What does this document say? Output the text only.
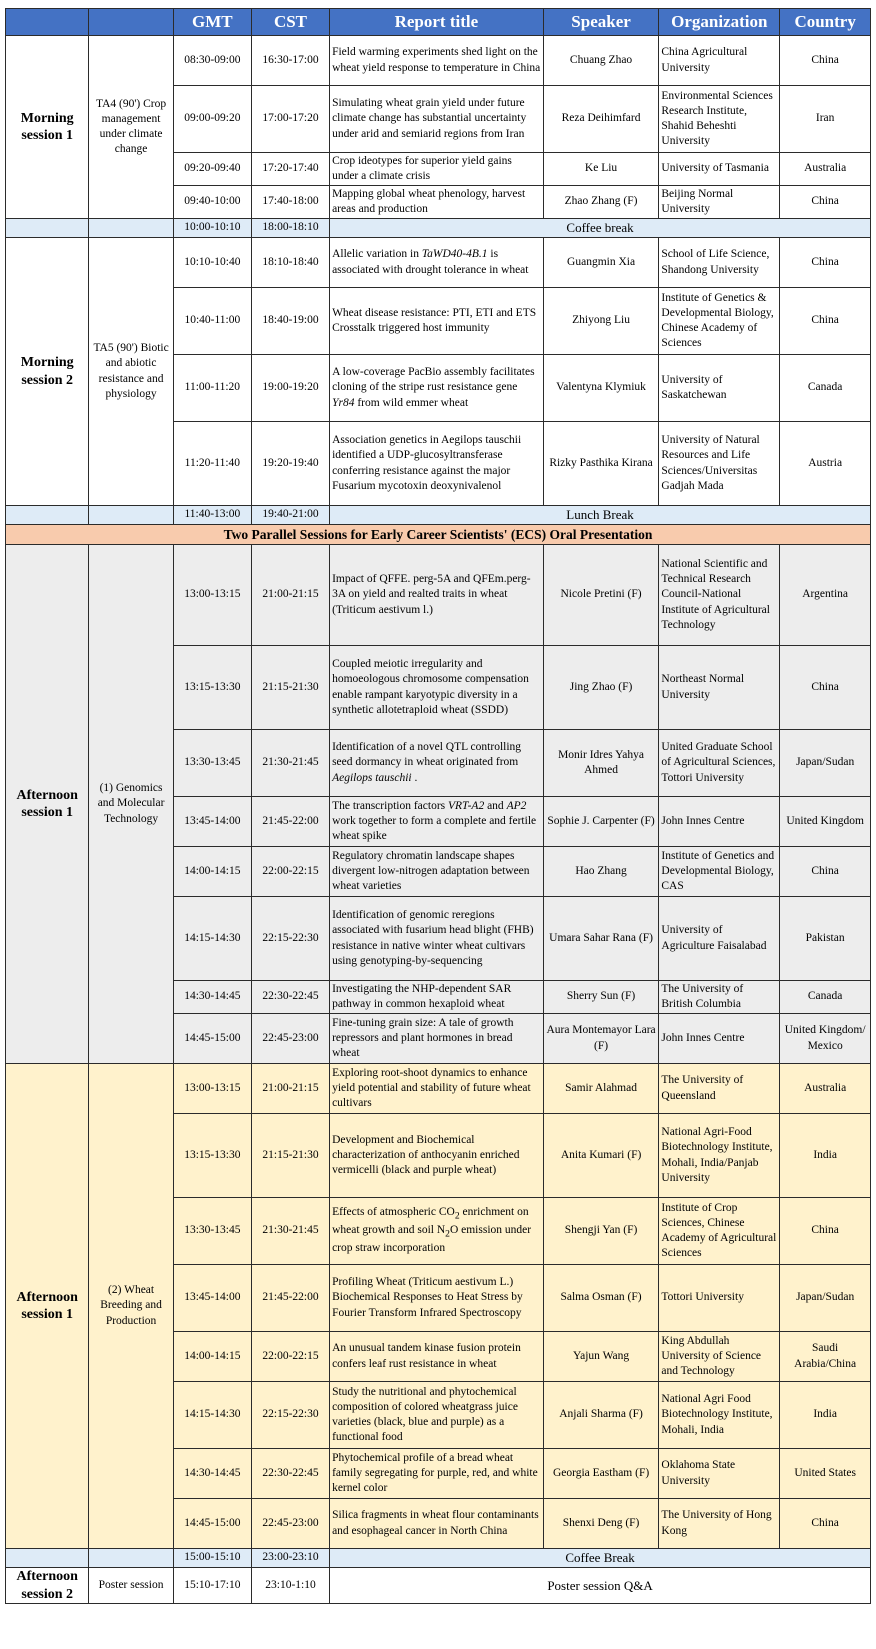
		GMT	CST	Report title	Speaker	Organization	Country
Morning session 1	TA4 (90') Crop management under climate change	08:30-09:00	16:30-17:00	Field warming experiments shed light on the wheat yield response to temperature in China	Chuang Zhao	China Agricultural University	China
		09:00-09:20	17:00-17:20	Simulating wheat grain yield under future climate change has substantial uncertainty under arid and semiarid regions from Iran	Reza Deihimfard	Environmental Sciences Research Institute, Shahid Beheshti University	Iran
		09:20-09:40	17:20-17:40	Crop ideotypes for superior yield gains under a climate crisis	Ke Liu	University of Tasmania	Australia
		09:40-10:00	17:40-18:00	Mapping global wheat phenology, harvest areas and production	Zhao Zhang (F)	Beijing Normal University	China
		10:00-10:10	18:00-18:10	Coffee break			
Morning session 2	TA5 (90') Biotic and abiotic resistance and physiology	10:10-10:40	18:10-18:40	Allelic variation in TaWD40-4B.1 is associated with drought tolerance in wheat	Guangmin Xia	School of Life Science, Shandong University	China
		10:40-11:00	18:40-19:00	Wheat disease resistance: PTI, ETI and ETS Crosstalk triggered host immunity	Zhiyong Liu	Institute of Genetics & Developmental Biology, Chinese Academy of Sciences	China
		11:00-11:20	19:00-19:20	A low-coverage PacBio assembly facilitates cloning of the stripe rust resistance gene Yr84 from wild emmer wheat	Valentyna Klymiuk	University of Saskatchewan	Canada
		11:20-11:40	19:20-19:40	Association genetics in Aegilops tauschii identified a UDP-glucosyltransferase conferring resistance against the major Fusarium mycotoxin deoxynivalenol	Rizky Pasthika Kirana	University of Natural Resources and Life Sciences/Universitas Gadjah Mada	Austria
		11:40-13:00	19:40-21:00	Lunch Break			
Two Parallel Sessions for Early Career Scientists' (ECS) Oral Presentation							
Afternoon session 1	(1) Genomics and Molecular Technology	13:00-13:15	21:00-21:15	Impact of QFFE. perg-5A and QFEm.perg-3A on yield and realted traits in wheat (Triticum aestivum l.)	Nicole Pretini (F)	National Scientific and Technical Research Council-National Institute of Agricultural Technology	Argentina
		13:15-13:30	21:15-21:30	Coupled meiotic irregularity and homoeologous chromosome compensation enable rampant karyotypic diversity in a synthetic allotetraploid wheat (SSDD)	Jing Zhao (F)	Northeast Normal University	China
		13:30-13:45	21:30-21:45	Identification of a novel QTL controlling seed dormancy in wheat originated from Aegilops tauschii .	Monir Idres Yahya Ahmed	United Graduate School of Agricultural Sciences, Tottori University	Japan/Sudan
		13:45-14:00	21:45-22:00	The transcription factors VRT-A2 and AP2 work together to form a complete and fertile wheat spike	Sophie J. Carpenter (F)	John Innes Centre	United Kingdom
		14:00-14:15	22:00-22:15	Regulatory chromatin landscape shapes divergent low-nitrogen adaptation between wheat varieties	Hao Zhang	Institute of Genetics and Developmental Biology, CAS	China
		14:15-14:30	22:15-22:30	Identification of genomic reregions associated with fusarium head blight (FHB) resistance in native winter wheat cultivars using genotyping-by-sequencing	Umara Sahar Rana (F)	University of Agriculture Faisalabad	Pakistan
		14:30-14:45	22:30-22:45	Investigating the NHP-dependent SAR pathway in common hexaploid wheat	Sherry Sun (F)	The University of British Columbia	Canada
		14:45-15:00	22:45-23:00	Fine-tuning grain size: A tale of growth repressors and plant hormones in bread wheat	Aura Montemayor Lara (F)	John Innes Centre	United Kingdom/ Mexico
Afternoon session 1	(2) Wheat Breeding and Production	13:00-13:15	21:00-21:15	Exploring root-shoot dynamics to enhance yield potential and stability of future wheat cultivars	Samir Alahmad	The University of Queensland	Australia
		13:15-13:30	21:15-21:30	Development and Biochemical characterization of anthocyanin enriched vermicelli (black and purple wheat)	Anita Kumari (F)	National Agri-Food Biotechnology Institute, Mohali, India/Panjab University	India
		13:30-13:45	21:30-21:45	Effects of atmospheric $CO_2$ enrichment on wheat growth and soil $N_2O$ emission under crop straw incorporation	Shengji Yan (F)	Institute of Crop Sciences, Chinese Academy of Agricultural Sciences	China
		13:45-14:00	21:45-22:00	Profiling Wheat (Triticum aestivum L.) Biochemical Responses to Heat Stress by Fourier Transform Infrared Spectroscopy	Salma Osman (F)	Tottori University	Japan/Sudan
		14:00-14:15	22:00-22:15	An unusual tandem kinase fusion protein confers leaf rust resistance in wheat	Yajun Wang	King Abdullah University of Science and Technology	Saudi Arabia/China
		14:15-14:30	22:15-22:30	Study the nutritional and phytochemical composition of colored wheatgrass juice varieties (black, blue and purple) as a functional food	Anjali Sharma (F)	National Agri Food Biotechnology Institute, Mohali, India	India
		14:30-14:45	22:30-22:45	Phytochemical profile of a bread wheat family segregating for purple, red, and white kernel color	Georgia Eastham (F)	Oklahoma State University	United States
		14:45-15:00	22:45-23:00	Silica fragments in wheat flour contaminants and esophageal cancer in North China	Shenxi Deng (F)	The University of Hong Kong	China
		15:00-15:10	23:00-23:10	Coffee Break			
Afternoon session 2	Poster session	15:10-17:10	23:10-1:10	Poster session Q&A			
